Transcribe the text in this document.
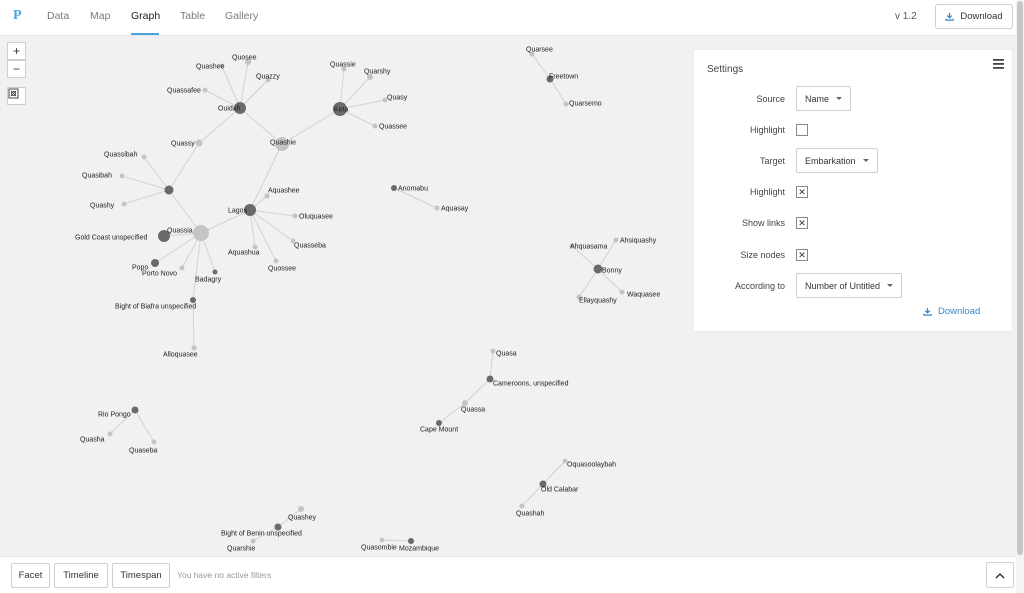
P Data Map Graph Table Gallery	v 1.2	Download
Quashee
Quosee
Quazzy
Quassafee
Ouidah
Quassy	Quashie
Quassie
Quarshy
Keta
Quasy
Quassee
Quarsee
Freetown
Quarsemo
Quassibah
Quasibah
Quashy
Aquashee
Lagos
Oluquasee
Anomabu
Aquasay
Gold Coast unspecified
Quassia
Aquashua
Quasseba
Popo
Porto Novo
Badagry
Quossee
Bight of Biafra unspecified
Alloquasee
Ahquasama
Ahsiquashy
Bonny
Ellayquashy
Waquasee
Quasa
Cameroons, unspecified
Quassa
Cape Mount
Rio Pongo
Quasha
Quaseba
Oquasoolaybah
Old Calabar
Quashah
Quashey
Bight of Benin unspecified
Quarshie	Quasombie Mozambique
+
−	Settings
Source Name
Highlight
Target Embarkation
Highlight ✕
Show links ✕
Size nodes ✕
According to Number of Untitled
Download
Facet	Timeline	Timespan	You have no active filters
